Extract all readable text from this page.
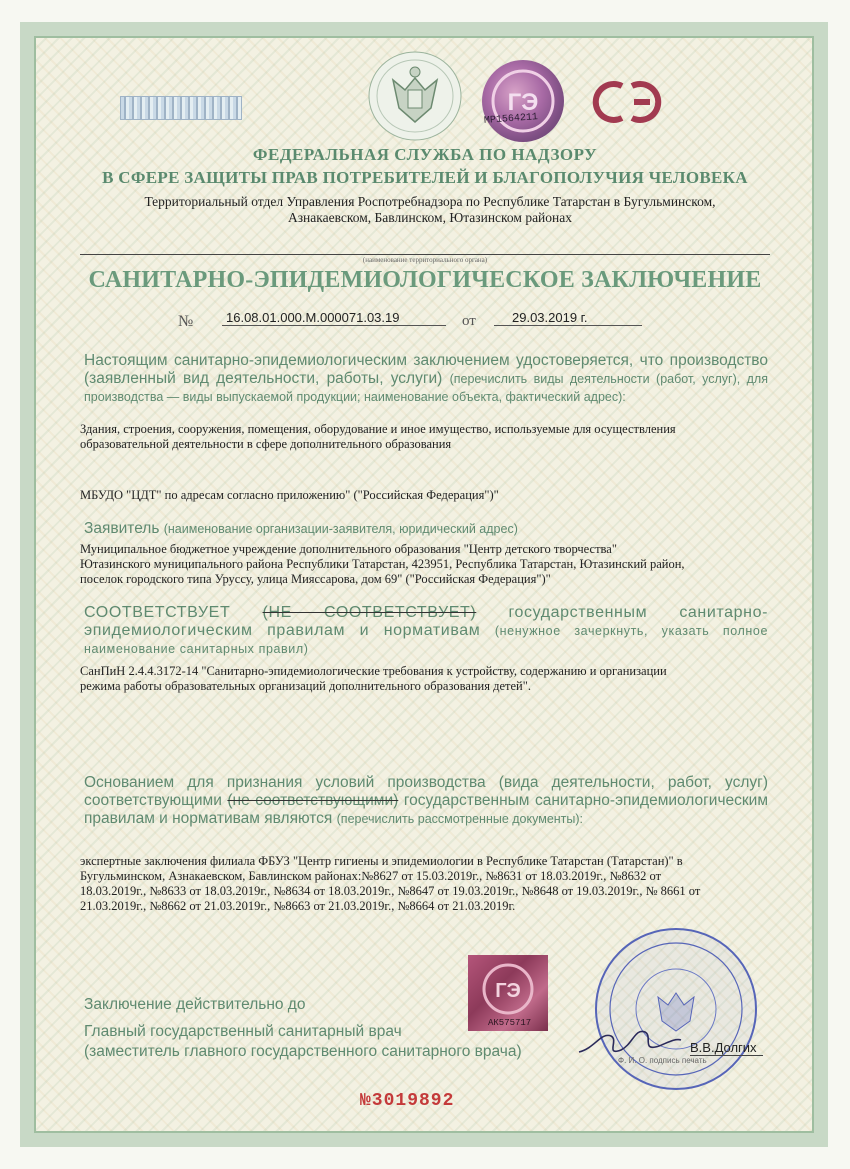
ГЭ
МР1564211
ФЕДЕРАЛЬНАЯ СЛУЖБА ПО НАДЗОРУ
В СФЕРЕ ЗАЩИТЫ ПРАВ ПОТРЕБИТЕЛЕЙ И БЛАГОПОЛУЧИЯ ЧЕЛОВЕКА
Территориальный отдел Управления Роспотребнадзора по Республике Татарстан в Бугульминском,
Азнакаевском, Бавлинском, Ютазинском районах
(наименование территориального органа)
САНИТАРНО-ЭПИДЕМИОЛОГИЧЕСКОЕ ЗАКЛЮЧЕНИЕ
№	16.08.01.000.М.000071.03.19	от	29.03.2019 г.
Настоящим санитарно-эпидемиологическим заключением удостоверяется, что производство (заявленный вид деятельности, работы, услуги) (перечислить виды деятельности (работ, услуг), для производства — виды выпускаемой продукции; наименование объекта, фактический адрес):
Здания, строения, сооружения, помещения, оборудование и иное имущество, используемые для осуществления
образовательной деятельности в сфере дополнительного образования
МБУДО "ЦДТ" по адресам согласно приложению" ("Российская Федерация")"
Заявитель (наименование организации-заявителя, юридический адрес)
Муниципальное бюджетное учреждение дополнительного образования "Центр детского творчества"
Ютазинского муниципального района Республики Татарстан, 423951, Республика Татарстан, Ютазинский район,
поселок городского типа Уруссу, улица Мияссарова, дом 69" ("Российская Федерация")"
СООТВЕТСТВУЕТ (НЕ СООТВЕТСТВУЕТ) государственным санитарно-эпидемиологическим правилам и нормативам (ненужное зачеркнуть, указать полное наименование санитарных правил)
СанПиН 2.4.4.3172-14 "Санитарно-эпидемиологические требования к устройству, содержанию и организации
режима работы образовательных организаций дополнительного образования детей".
Основанием для признания условий производства (вида деятельности, работ, услуг) соответствующими (не соответствующими) государственным санитарно-эпидемиологическим правилам и нормативам являются (перечислить рассмотренные документы):
экспертные заключения филиала ФБУЗ "Центр гигиены и эпидемиологии в Республике Татарстан (Татарстан)" в
Бугульминском, Азнакаевском, Бавлинском районах:№8627 от 15.03.2019г., №8631 от 18.03.2019г., №8632 от
18.03.2019г., №8633 от 18.03.2019г., №8634 от 18.03.2019г., №8647 от 19.03.2019г., №8648 от 19.03.2019г., № 8661 от
21.03.2019г., №8662 от 21.03.2019г., №8663 от 21.03.2019г., №8664 от 21.03.2019г.
Заключение действительно до
ГЭ
АК575717
Главный государственный санитарный врач
(заместитель главного государственного санитарного врача)	В.В.Долгих
Ф. И. О. подпись печать
№3019892
